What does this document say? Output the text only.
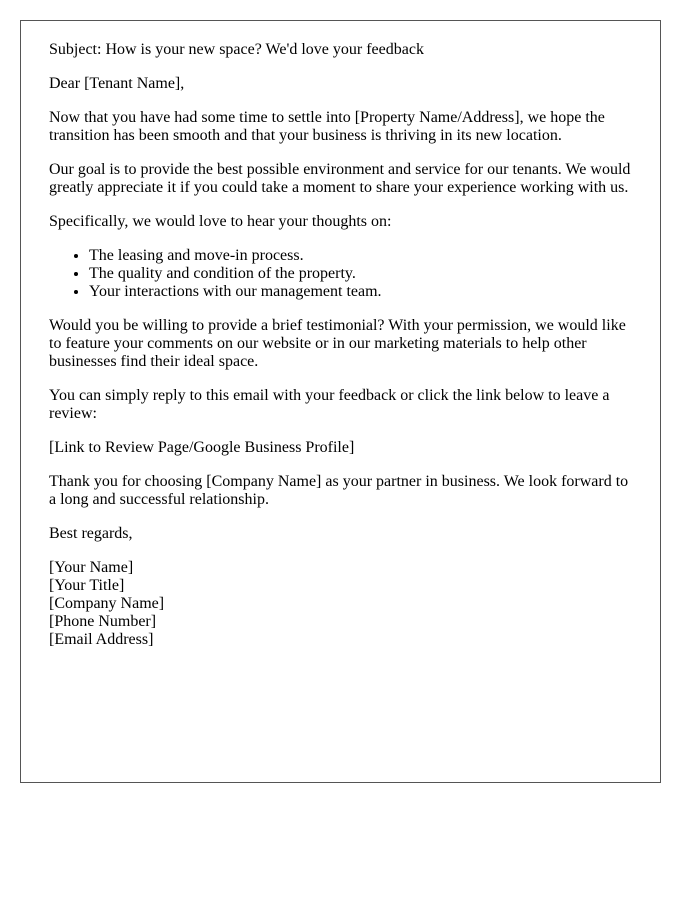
Subject: How is your new space? We'd love your feedback

Dear [Tenant Name],

Now that you have had some time to settle into [Property Name/Address], we hope the transition has been smooth and that your business is thriving in its new location.

Our goal is to provide the best possible environment and service for our tenants. We would greatly appreciate it if you could take a moment to share your experience working with us.

Specifically, we would love to hear your thoughts on:

• The leasing and move-in process.
• The quality and condition of the property.
• Your interactions with our management team.

Would you be willing to provide a brief testimonial? With your permission, we would like to feature your comments on our website or in our marketing materials to help other businesses find their ideal space.

You can simply reply to this email with your feedback or click the link below to leave a review:

[Link to Review Page/Google Business Profile]

Thank you for choosing [Company Name] as your partner in business. We look forward to a long and successful relationship.

Best regards,

[Your Name]
[Your Title]
[Company Name]
[Phone Number]
[Email Address]
